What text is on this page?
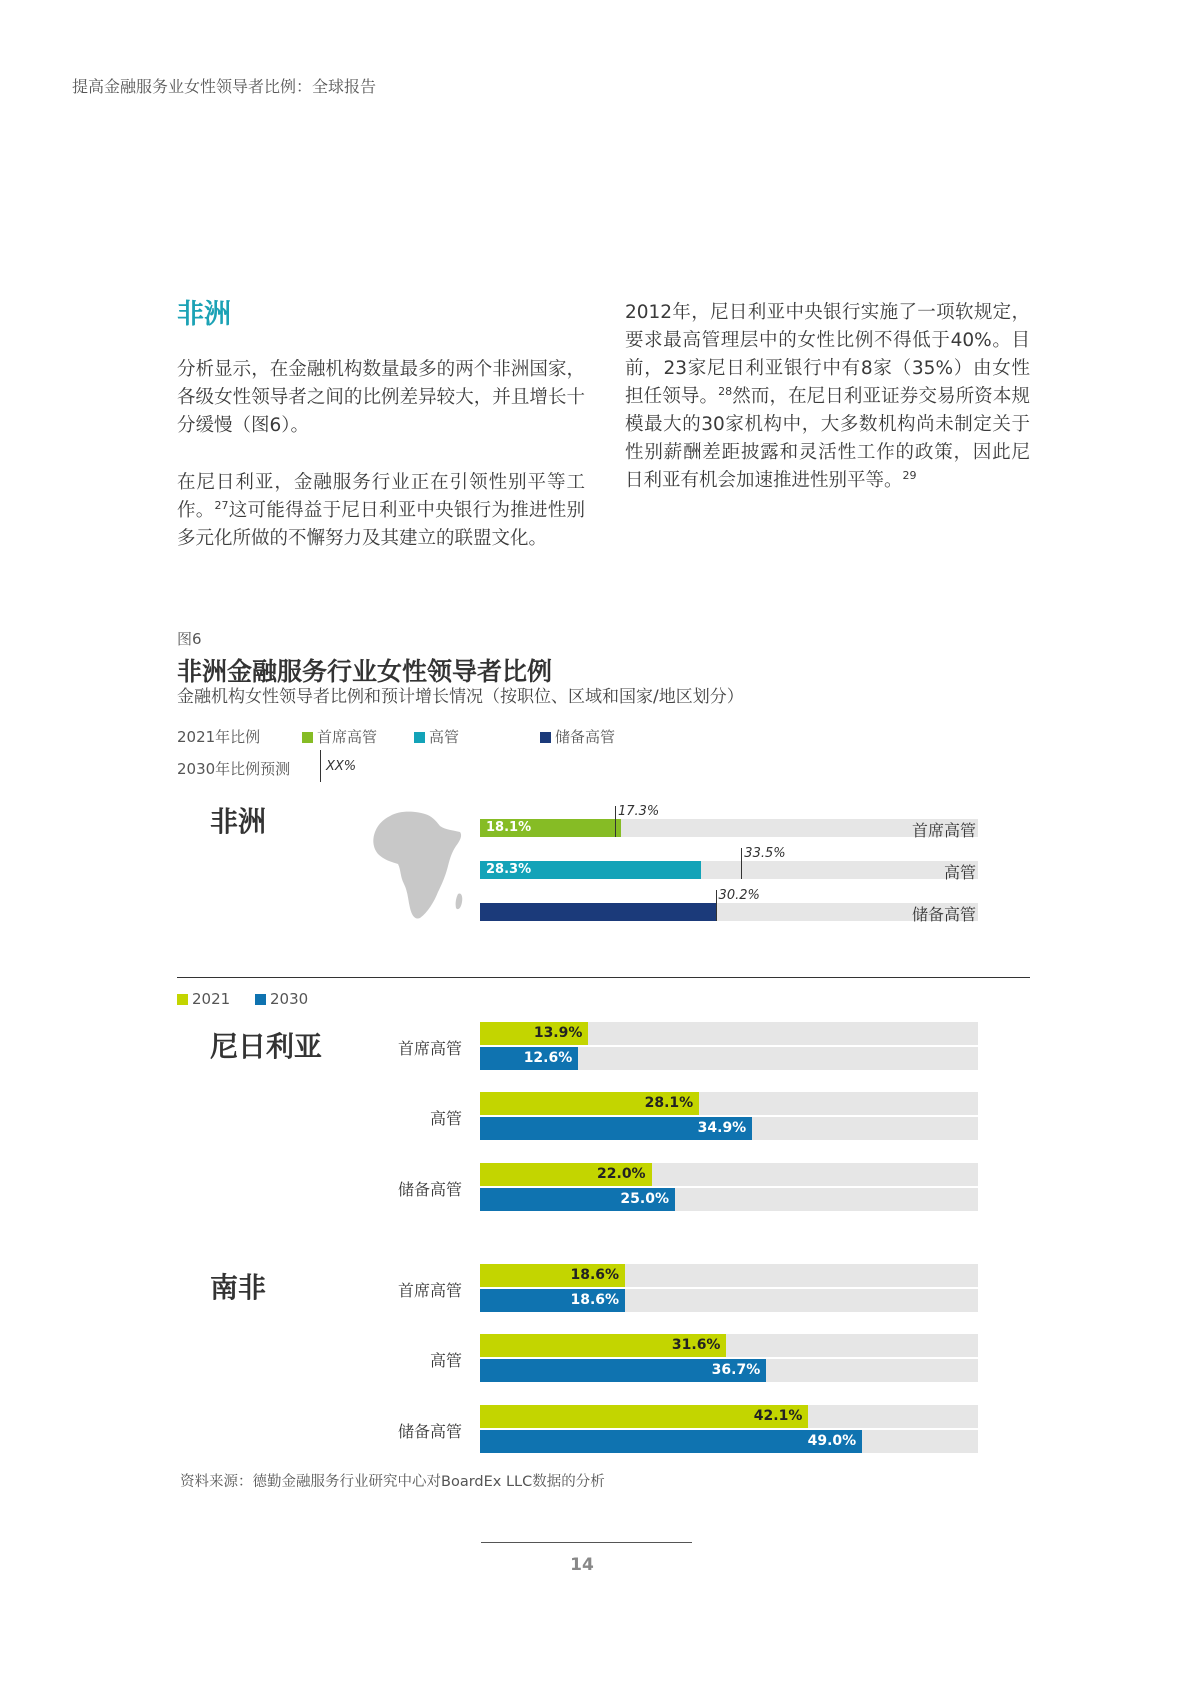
提高金融服务业女性领导者比例：全球报告
非洲
分析显示，在金融机构数量最多的两个非洲国家，各级女性领导者之间的比例差异较大，并且增长十分缓慢（图6）。
在尼日利亚，金融服务行业正在引领性别平等工作。$^{27}$这可能得益于尼日利亚中央银行为推进性别多元化所做的不懈努力及其建立的联盟文化。
2012年，尼日利亚中央银行实施了一项软规定，要求最高管理层中的女性比例不得低于40%。目前，23家尼日利亚银行中有8家（35%）由女性担任领导。$^{28}$然而，在尼日利亚证券交易所资本规模最大的30家机构中，大多数机构尚未制定关于性别薪酬差距披露和灵活性工作的政策，因此尼日利亚有机会加速推进性别平等。$^{29}$
图6
非洲金融服务行业女性领导者比例
金融机构女性领导者比例和预计增长情况（按职位、区域和国家/地区划分）
2021年比例	首席高管	高管	储备高管
2030年比例预测	XX%
非洲	18.1%	首席高管
28.3%	高管
储备高管
17.3%
33.5%
30.2%
2021	2030
尼日利亚	首席高管
13.9%
12.6%
高管
28.1%
34.9%
储备高管
22.0%
25.0%
南非	首席高管
18.6%
18.6%
高管
31.6%
36.7%
储备高管
42.1%
49.0%
资料来源：德勤金融服务行业研究中心对BoardEx LLC数据的分析
14
